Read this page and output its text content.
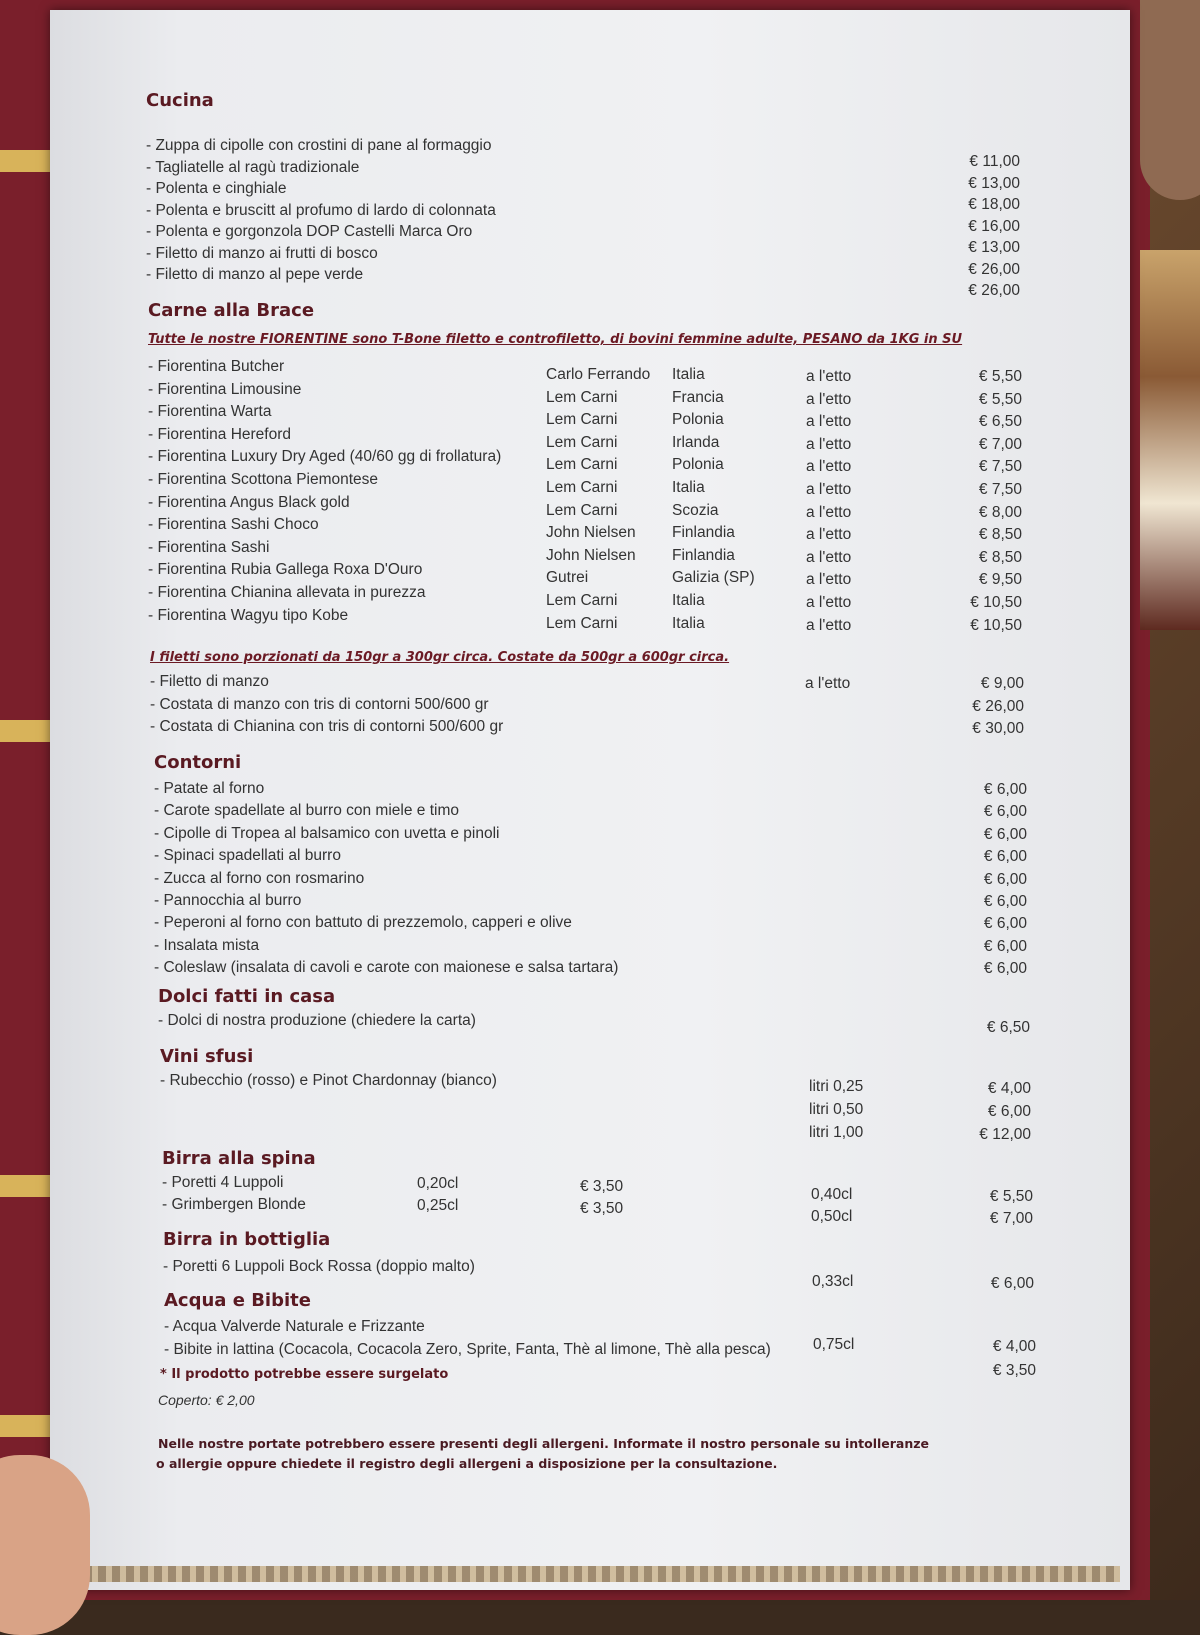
Cucina
- Zuppa di cipolle con crostini di pane al formaggio
€ 11,00
- Tagliatelle al ragù tradizionale
€ 13,00
- Polenta e cinghiale
€ 18,00
- Polenta e bruscitt al profumo di lardo di colonnata
€ 16,00
- Polenta e gorgonzola DOP Castelli Marca Oro
€ 13,00
- Filetto di manzo ai frutti di bosco
€ 26,00
- Filetto di manzo al pepe verde
€ 26,00
Carne alla Brace
Tutte le nostre FIORENTINE sono T-Bone filetto e controfiletto, di bovini femmine adulte, PESANO da 1KG in SU
- Fiorentina Butcher	Carlo Ferrando Italia	a l'etto	€ 5,50
- Fiorentina Limousine	Lem Carni	Francia	a l'etto	€ 5,50
- Fiorentina Warta	Lem Carni	Polonia	a l'etto	€ 6,50
- Fiorentina Hereford	Lem Carni	Irlanda	a l'etto	€ 7,00
- Fiorentina Luxury Dry Aged (40/60 gg di frollatura)	Lem Carni	Polonia	a l'etto	€ 7,50
- Fiorentina Scottona Piemontese	Lem Carni	Italia	a l'etto	€ 7,50
- Fiorentina Angus Black gold	Lem Carni	Scozia	a l'etto	€ 8,00
- Fiorentina Sashi Choco	John Nielsen Finlandia	a l'etto	€ 8,50
- Fiorentina Sashi	John Nielsen Finlandia	a l'etto	€ 8,50
- Fiorentina Rubia Gallega Roxa D'Ouro	Gutrei	Galizia (SP)	a l'etto	€ 9,50
- Fiorentina Chianina allevata in purezza	Lem Carni	Italia	a l'etto	€ 10,50
- Fiorentina Wagyu tipo Kobe	Lem Carni	Italia	a l'etto	€ 10,50
I filetti sono porzionati da 150gr a 300gr circa. Costate da 500gr a 600gr circa.
- Filetto di manzo	a l'etto	€ 9,00
- Costata di manzo con tris di contorni 500/600 gr	€ 26,00
- Costata di Chianina con tris di contorni 500/600 gr	€ 30,00
Contorni
- Patate al forno	€ 6,00
- Carote spadellate al burro con miele e timo	€ 6,00
- Cipolle di Tropea al balsamico con uvetta e pinoli	€ 6,00
- Spinaci spadellati al burro	€ 6,00
- Zucca al forno con rosmarino	€ 6,00
- Pannocchia al burro	€ 6,00
- Peperoni al forno con battuto di prezzemolo, capperi e olive	€ 6,00
- Insalata mista	€ 6,00
- Coleslaw (insalata di cavoli e carote con maionese e salsa tartara)	€ 6,00
Dolci fatti in casa
- Dolci di nostra produzione (chiedere la carta)	€ 6,50
Vini sfusi
- Rubecchio (rosso) e Pinot Chardonnay (bianco)	litri 0,25	€ 4,00
litri 0,50	€ 6,00
litri 1,00	€ 12,00
Birra alla spina
- Poretti 4 Luppoli	0,20cl	€ 3,50	0,40cl	€ 5,50
- Grimbergen Blonde	0,25cl	€ 3,50	0,50cl	€ 7,00
Birra in bottiglia
- Poretti 6 Luppoli Bock Rossa (doppio malto)
0,33cl	€ 6,00
Acqua e Bibite
- Acqua Valverde Naturale e Frizzante
0,75cl	€ 4,00
- Bibite in lattina (Cocacola, Cocacola Zero, Sprite, Fanta, Thè al limone, Thè alla pesca)
€ 3,50
* Il prodotto potrebbe essere surgelato
Coperto: € 2,00
Nelle nostre portate potrebbero essere presenti degli allergeni. Informate il nostro personale su intolleranze
o allergie oppure chiedete il registro degli allergeni a disposizione per la consultazione.
